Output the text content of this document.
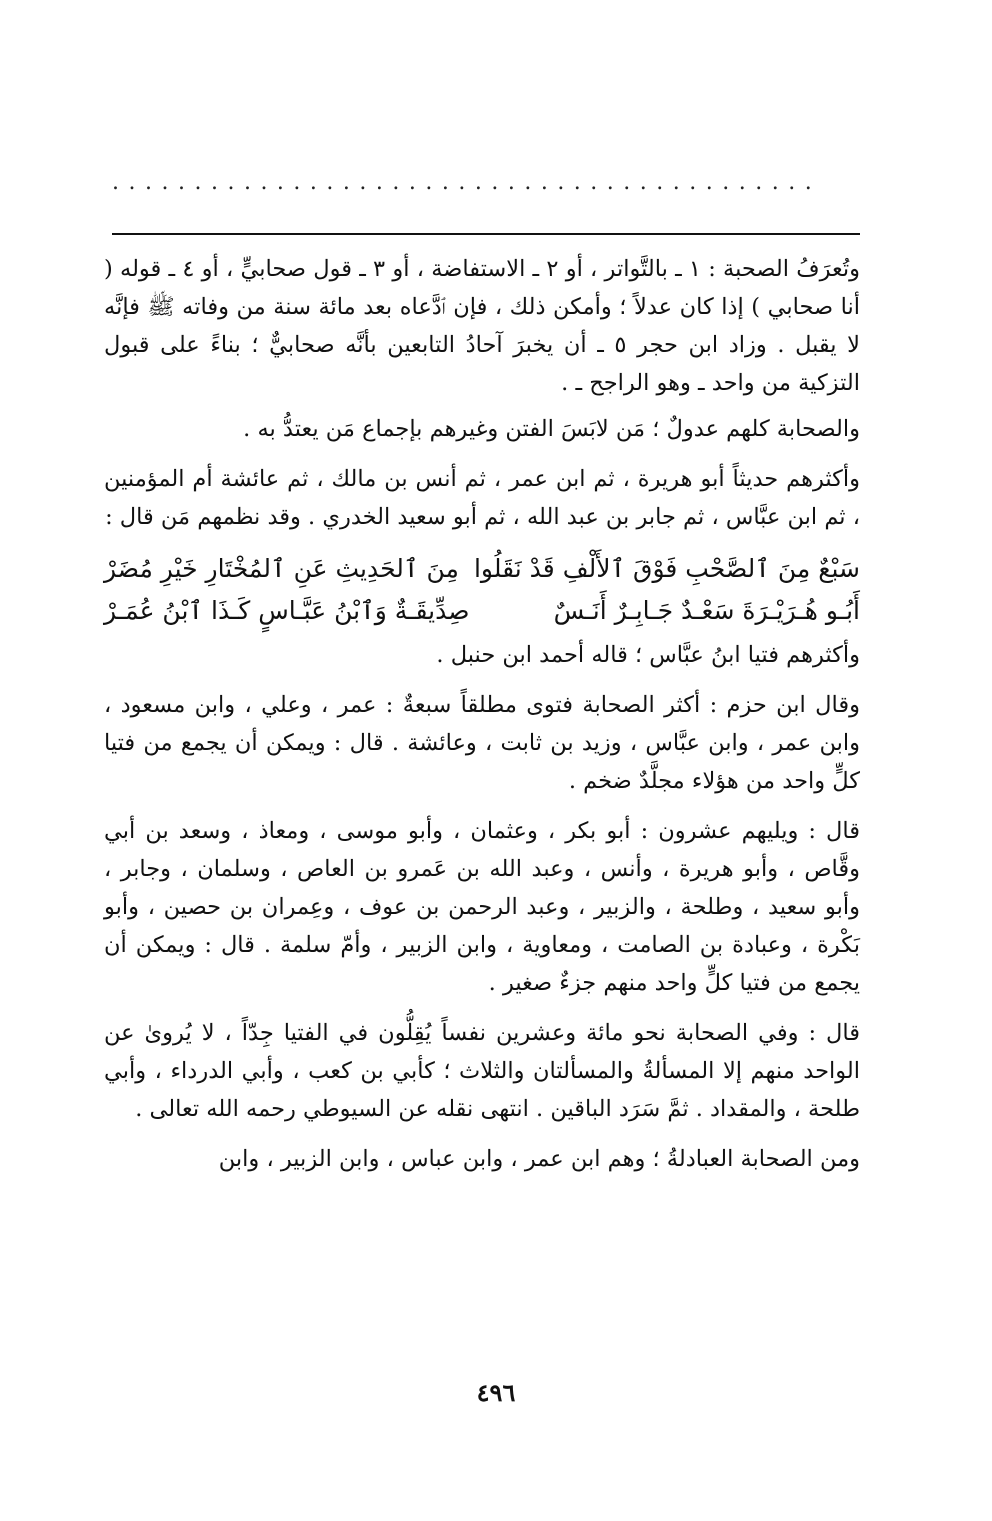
...........................................

وتُعرَفُ الصحبة : ١ ـ بالتَّواتر ، أو ٢ ـ الاستفاضة ، أو ٣ ـ قول صحابيٍّ ، أو ٤ ـ قوله ( أنا صحابي ) إذا كان عدلاً ؛ وأمكن ذلك ، فإن ٱدَّعاه بعد مائة سنة من وفاته ﷺ فإنَّه لا يقبل . وزاد ابن حجر ٥ ـ أن يخبرَ آحادُ التابعين بأنَّه صحابيٌّ ؛ بناءً على قبول التزكية من واحد ـ وهو الراجح ـ .

والصحابة كلهم عدولٌ ؛ مَن لابَسَ الفتن وغيرهم بإجماع مَن يعتدُّ به .

وأكثرهم حديثاً أبو هريرة ، ثم ابن عمر ، ثم أنس بن مالك ، ثم عائشة أم المؤمنين ، ثم ابن عبَّاس ، ثم جابر بن عبد الله ، ثم أبو سعيد الخدري . وقد نظمهم مَن قال :

سَبْعٌ مِنَ ٱلصَّحْبِ فَوْقَ ٱلأَلْفِ قَدْ نَقَلُوا
مِنَ ٱلحَدِيثِ عَنِ ٱلمُخْتَارِ خَيْرِ مُضَرْ
أَبُـو هُـرَيْـرَةَ سَعْـدٌ جَـابِـرٌ أَنَـسٌ
صِدِّيقَـةٌ وَٱبْنُ عَبَّـاسٍ كَـذَا ٱبْنُ عُمَـرْ

وأكثرهم فتيا ابنُ عبَّاس ؛ قاله أحمد ابن حنبل .

وقال ابن حزم : أكثر الصحابة فتوى مطلقاً سبعةٌ : عمر ، وعلي ، وابن مسعود ، وابن عمر ، وابن عبَّاس ، وزيد بن ثابت ، وعائشة . قال : ويمكن أن يجمع من فتيا كلٍّ واحد من هؤلاء مجلَّدٌ ضخم .

قال : ويليهم عشرون : أبو بكر ، وعثمان ، وأبو موسى ، ومعاذ ، وسعد بن أبي وقَّاص ، وأبو هريرة ، وأنس ، وعبد الله بن عَمرو بن العاص ، وسلمان ، وجابر ، وأبو سعيد ، وطلحة ، والزبير ، وعبد الرحمن بن عوف ، وعِمران بن حصين ، وأبو بَكْرة ، وعبادة بن الصامت ، ومعاوية ، وابن الزبير ، وأمّ سلمة . قال : ويمكن أن يجمع من فتيا كلٍّ واحد منهم جزءٌ صغير .

قال : وفي الصحابة نحو مائة وعشرين نفساً يُقِلُّون في الفتيا جِدّاً ، لا يُروىٰ عن الواحد منهم إلا المسألةُ والمسألتان والثلاث ؛ كأبي بن كعب ، وأبي الدرداء ، وأبي طلحة ، والمقداد . ثمَّ سَرَد الباقين . انتهى نقله عن السيوطي رحمه الله تعالى .

ومن الصحابة العبادلةُ ؛ وهم ابن عمر ، وابن عباس ، وابن الزبير ، وابن

٤٩٦
